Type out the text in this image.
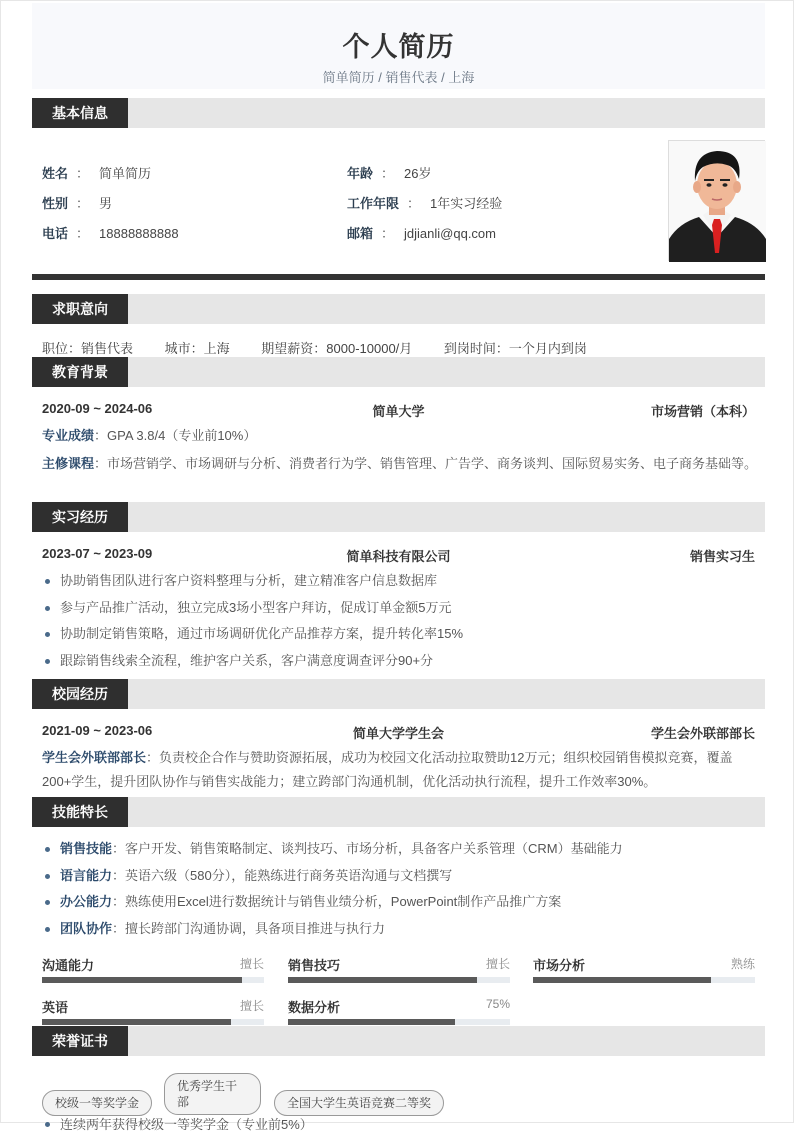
个人简历
简单简历 / 销售代表 / 上海
基本信息
姓名 ： 简单简历
性别 ： 男
电话 ： 18888888888
年龄 ： 26岁
工作年限 ： 1年实习经验
邮箱 ： jdjianli@qq.com
求职意向
职位：销售代表 城市：上海 期望薪资：8000-10000/月 到岗时间：一个月内到岗
教育背景
2020-09 ~ 2024-06	简单大学	市场营销（本科）
专业成绩：GPA 3.8/4（专业前10%）
主修课程：市场营销学、市场调研与分析、消费者行为学、销售管理、广告学、商务谈判、国际贸易实务、电子商务基础等。
实习经历
2023-07 ~ 2023-09	简单科技有限公司	销售实习生
协助销售团队进行客户资料整理与分析，建立精准客户信息数据库
参与产品推广活动，独立完成3场小型客户拜访，促成订单金额5万元
协助制定销售策略，通过市场调研优化产品推荐方案，提升转化率15%
跟踪销售线索全流程，维护客户关系，客户满意度调查评分90+分
校园经历
2021-09 ~ 2023-06	简单大学学生会	学生会外联部部长
学生会外联部部长：负责校企合作与赞助资源拓展，成功为校园文化活动拉取赞助12万元；组织校园销售模拟竞赛，覆盖200+学生，提升团队协作与销售实战能力；建立跨部门沟通机制，优化活动执行流程，提升工作效率30%。
技能特长
销售技能：客户开发、销售策略制定、谈判技巧、市场分析，具备客户关系管理（CRM）基础能力
语言能力：英语六级（580分），能熟练进行商务英语沟通与文档撰写
办公能力：熟练使用Excel进行数据统计与销售业绩分析，PowerPoint制作产品推广方案
团队协作：擅长跨部门沟通协调，具备项目推进与执行力
沟通能力	擅长 销售技巧	擅长 市场分析	熟练
英语	擅长 数据分析	75%
荣誉证书
校级一等奖学金
优秀学生干部	全国大学生英语竞赛二等奖
连续两年获得校级一等奖学金（专业前5%）
